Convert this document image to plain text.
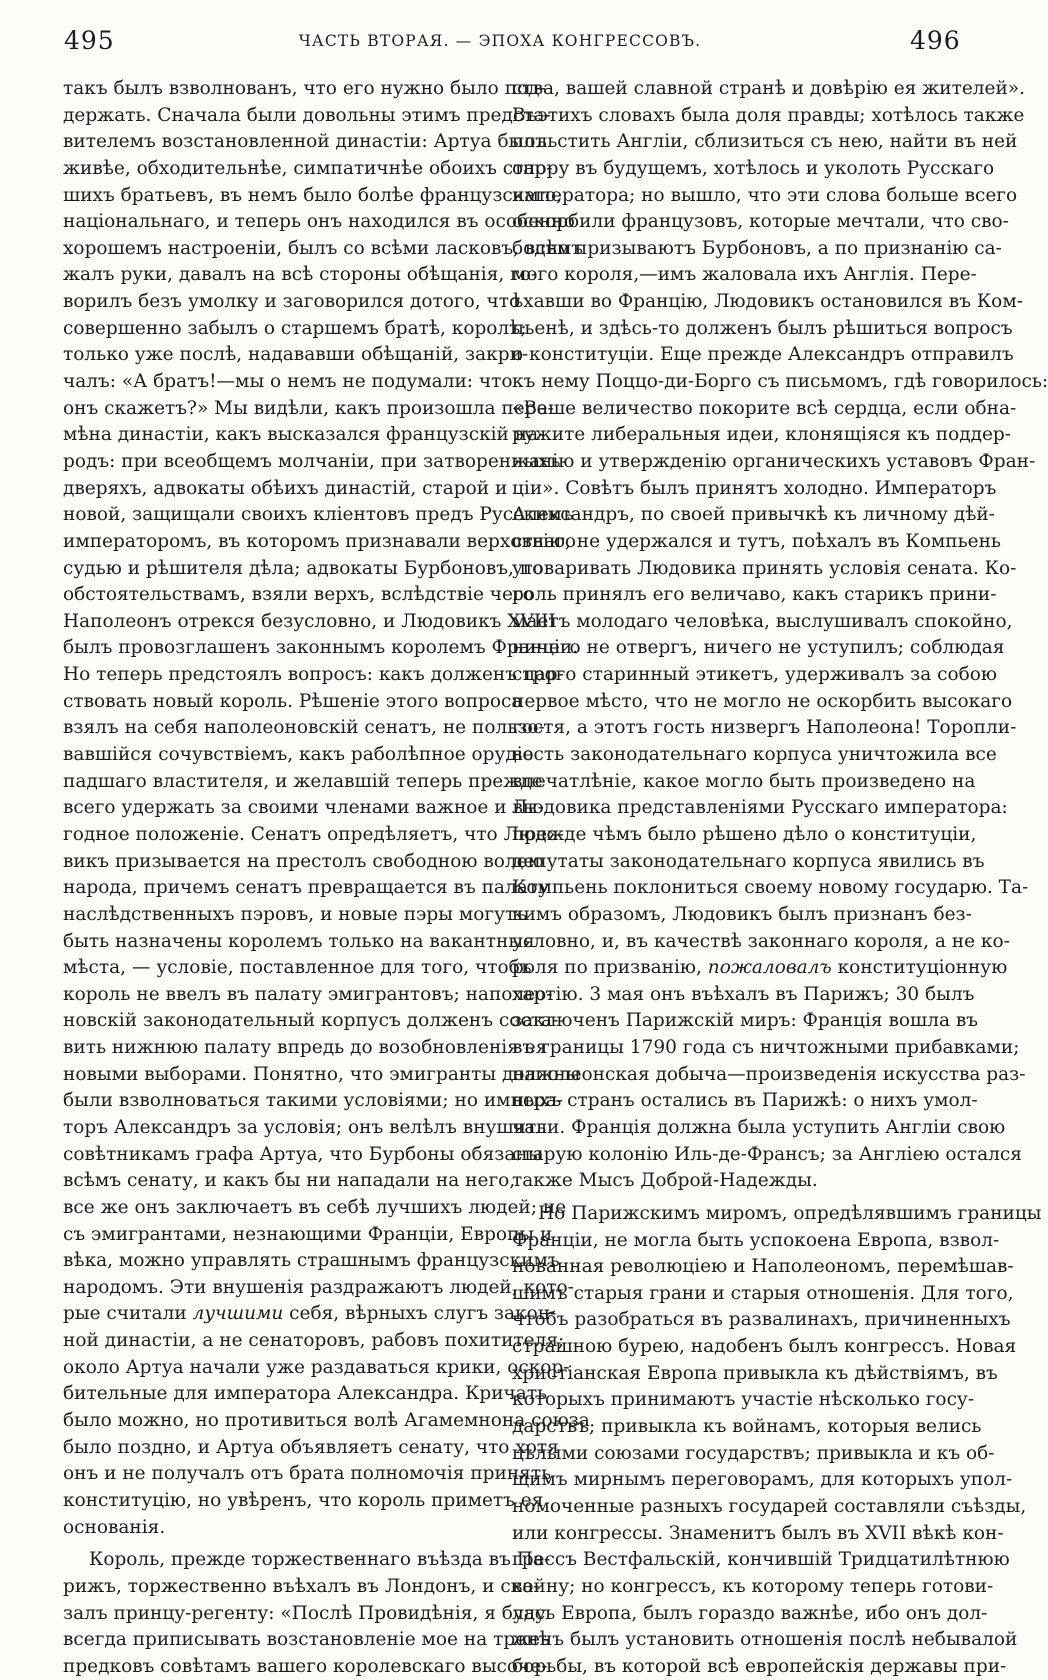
495	ЧАСТЬ ВТОРАЯ. — ЭПОХА КОНГРЕССОВЪ.	496
такъ былъ взволнованъ, что его нужно было под-
держать. Сначала были довольны этимъ предста-
вителемъ возстановленной династіи: Артуа былъ
живѣе, обходительнѣе, симпатичнѣе обоихъ стар-
шихъ братьевъ, въ немъ было болѣе французскаго,
національнаго, и теперь онъ находился въ особенно
хорошемъ настроеніи, былъ со всѣми ласковъ, всѣмъ
жалъ руки, давалъ на всѣ стороны обѣщанія, го-
ворилъ безъ умолку и заговорился дотого, что
совершенно забылъ о старшемъ братѣ, королѣ;
только уже послѣ, надававши обѣщаній, закри-
чалъ: «А братъ!—мы о немъ не подумали: что
онъ скажетъ?» Мы видѣли, какъ произошла пере-
мѣна династіи, какъ высказался французскій на-
родъ: при всеобщемъ молчаніи, при затворенныхъ
дверяхъ, адвокаты обѣихъ династій, старой и
новой, защищали своихъ кліентовъ предъ Русскимъ
императоромъ, въ которомъ признавали верховнаго
судью и рѣшителя дѣла; адвокаты Бурбоновъ, по
обстоятельствамъ, взяли верхъ, вслѣдствіе чего
Наполеонъ отрекся безусловно, и Людовикъ XVIII
былъ провозглашенъ законнымъ королемъ Франціи.
Но теперь предстоялъ вопросъ: какъ долженъ цар-
ствовать новый король. Рѣшеніе этого вопроса
взялъ на себя наполеоновскій сенатъ, не пользо-
вавшійся сочувствіемъ, какъ раболѣпное орудіе
падшаго властителя, и желавшій теперь прежде
всего удержать за своими членами важное и вы-
годное положеніе. Сенатъ опредѣляетъ, что Людо-
викъ призывается на престолъ свободною волею
народа, причемъ сенатъ превращается въ палату
наслѣдственныхъ пэровъ, и новые пэры могутъ
быть назначены королемъ только на вакантныя
мѣста, — условіе, поставленное для того, чтобъ
король не ввелъ въ палату эмигрантовъ; наполео-
новскій законодательный корпусъ долженъ соста-
вить нижнюю палату впредь до возобновленія ея
новыми выборами. Понятно, что эмигранты должны
были взволноваться такими условіями; но импера-
торъ Александръ за условія; онъ велѣлъ внушить
совѣтникамъ графа Артуа, что Бурбоны обязаны
всѣмъ сенату, и какъ бы ни нападали на него,
все же онъ заключаетъ въ себѣ лучшихъ людей; не
съ эмигрантами, незнающими Франціи, Европы и
вѣка, можно управлять страшнымъ французскимъ
народомъ. Эти внушенія раздражаютъ людей, кото-
рые считали лучшими себя, вѣрныхъ слугъ закон-
ной династіи, а не сенаторовъ, рабовъ похитителя;
около Артуа начали уже раздаваться крики, оскор-
бительные для императора Александра. Кричать
было можно, но противиться волѣ Агамемнона союза
было поздно, и Артуа объявляетъ сенату, что хотя
онъ и не получалъ отъ брата полномочія принять
конституцію, но увѣренъ, что король приметъ ея
основанія.
Король, прежде торжественнаго въѣзда въ Па-
рижъ, торжественно въѣхалъ въ Лондонъ, и ска-
залъ принцу-регенту: «Послѣ Провидѣнія, я буду
всегда приписывать возстановленіе мое на тронѣ
предковъ совѣтамъ вашего королевскаго высоче-
ства, вашей славной странѣ и довѣрію ея жителей».
Въэтихъ словахъ была доля правды; хотѣлось также
польстить Англіи, сблизиться съ нею, найти въ ней
опору въ будущемъ, хотѣлось и уколоть Русскаго
императора; но вышло, что эти слова больше всего
оскорбили французовъ, которые мечтали, что сво-
бодно призываютъ Бурбоновъ, а по признанію са-
мого короля,—имъ жаловала ихъ Англія. Пере-
ѣхавши во Францію, Людовикъ остановился въ Ком-
пьенѣ, и здѣсь-то долженъ былъ рѣшиться вопросъ
о конституціи. Еще прежде Александръ отправилъ
къ нему Поццо-ди-Борго съ письмомъ, гдѣ говорилось:
«Ваше величество покорите всѣ сердца, если обна-
ружите либеральныя идеи, клонящіяся къ поддер-
жанію и утвержденію органическихъ уставовъ Фран-
ціи». Совѣтъ былъ принятъ холодно. Императоръ
Александръ, по своей привычкѣ къ личному дѣй-
ствію, не удержался и тутъ, поѣхалъ въ Компьень
уговаривать Людовика принять условія сената. Ко-
роль принялъ его величаво, какъ старикъ прини-
маетъ молодаго человѣка, выслушивалъ спокойно,
ничего не отвергъ, ничего не уступилъ; соблюдая
строго старинный этикетъ, удерживалъ за собою
первое мѣсто, что не могло не оскорбить высокаго
гостя, а этотъ гость низвергъ Наполеона! Торопли-
вость законодательнаго корпуса уничтожила все
впечатлѣніе, какое могло быть произведено на
Людовика представленіями Русскаго императора:
прежде чѣмъ было рѣшено дѣло о конституціи,
депутаты законодательнаго корпуса явились въ
Компьень поклониться своему новому государю. Та-
кимъ образомъ, Людовикъ былъ признанъ без-
условно, и, въ качествѣ законнаго короля, а не ко-
роля по призванію, пожаловалъ конституціонную
хартію. 3 мая онъ въѣхалъ въ Парижъ; 30 былъ
заключенъ Парижскій миръ: Франція вошла въ
въ границы 1790 года съ ничтожными прибавками;
наполеонская добыча—произведенія искусства раз-
ныхъ странъ остались въ Парижѣ: о нихъ умол-
чали. Франція должна была уступить Англіи свою
старую колонію Иль-де-Франсъ; за Англіею остался
также Мысъ Доброй-Надежды.
Но Парижскимъ миромъ, опредѣлявшимъ границы
Франціи, не могла быть успокоена Европа, взвол-
нованная революціею и Наполеономъ, перемѣшав-
шимъ старыя грани и старыя отношенія. Для того,
чтобъ разобраться въ развалинахъ, причиненныхъ
страшною бурею, надобенъ былъ конгрессъ. Новая
христіанская Европа привыкла къ дѣйствіямъ, въ
которыхъ принимаютъ участіе нѣсколько госу-
дарствъ; привыкла къ войнамъ, которыя велись
цѣлыми союзами государствъ; привыкла и къ об-
щимъ мирнымъ переговорамъ, для которыхъ упол-
номоченные разныхъ государей составляли съѣзды,
или конгрессы. Знаменитъ былъ въ XVII вѣкѣ кон-
грессъ Вестфальскій, кончившій Тридцатилѣтнюю
войну; но конгрессъ, къ которому теперь готови-
лась Европа, былъ гораздо важнѣе, ибо онъ дол-
женъ былъ установить отношенія послѣ небывалой
борьбы, въ которой всѣ европейскія державы при-
